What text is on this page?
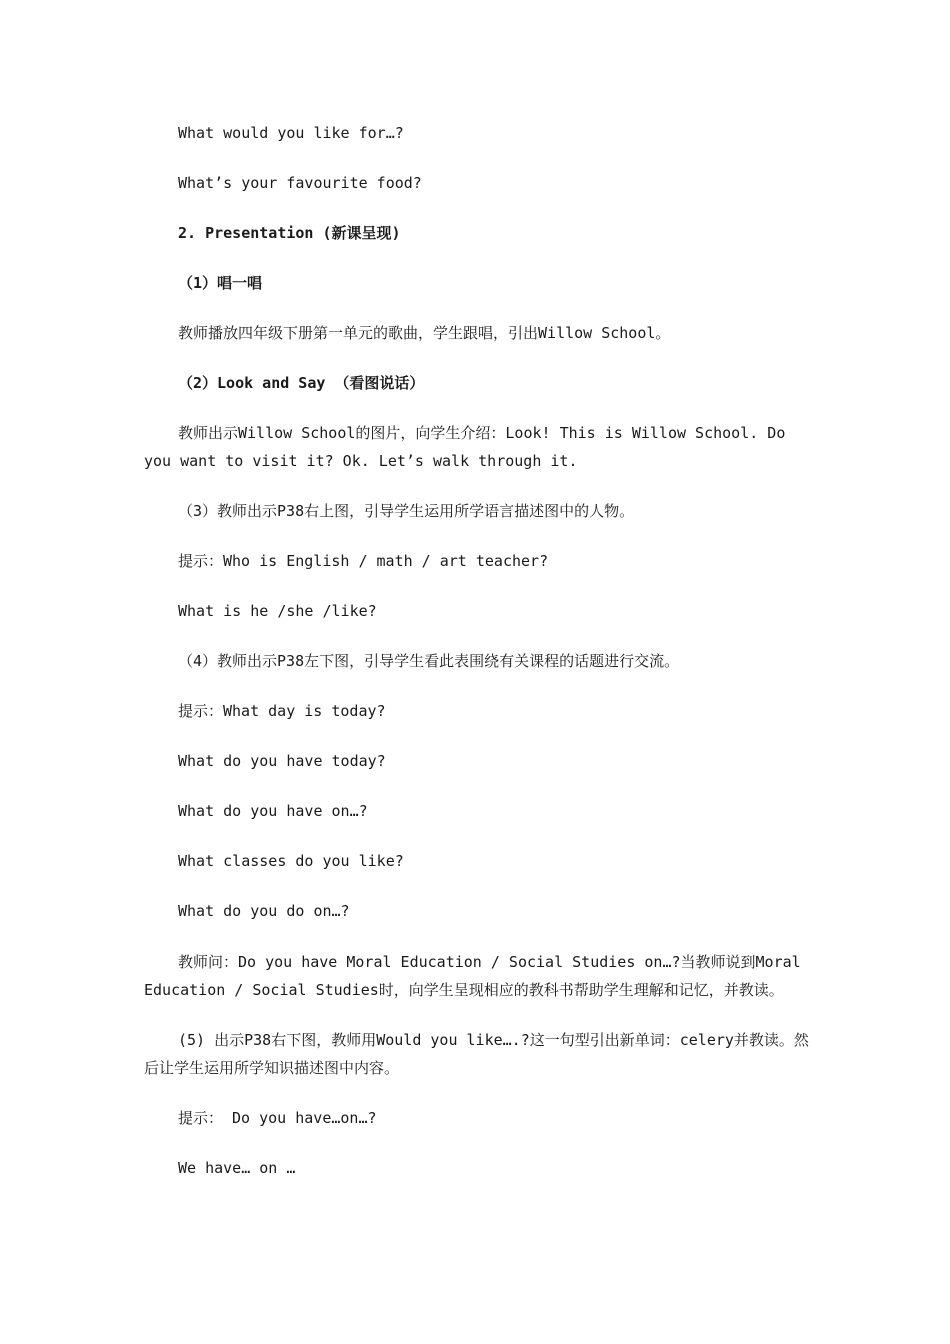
What would you like for…?
What’s your favourite food?
2. Presentation (新课呈现)
（1）唱一唱
教师播放四年级下册第一单元的歌曲，学生跟唱，引出Willow School。
（2）Look and Say （看图说话）
教师出示Willow School的图片，向学生介绍：Look! This is Willow School. Do you want to visit it? Ok. Let’s walk through it.
（3）教师出示P38右上图，引导学生运用所学语言描述图中的人物。
提示：Who is English / math / art teacher?
What is he /she /like?
（4）教师出示P38左下图，引导学生看此表围绕有关课程的话题进行交流。
提示：What day is today?
What do you have today?
What do you have on…?
What classes do you like?
What do you do on…?
教师问：Do you have Moral Education / Social Studies on…?当教师说到Moral Education / Social Studies时，向学生呈现相应的教科书帮助学生理解和记忆，并教读。
(5) 出示P38右下图，教师用Would you like….?这一句型引出新单词：celery并教读。然后让学生运用所学知识描述图中内容。
提示： Do you have…on…?
We have… on …
